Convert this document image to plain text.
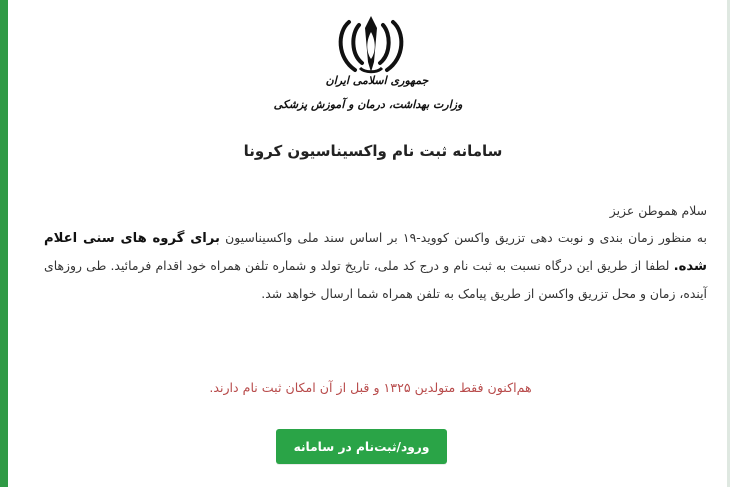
جمهوری اسلامی ایران
وزارت بهداشت، درمان و آموزش پزشکی
سامانه ثبت نام واکسیناسیون کرونا
سلام هموطن عزیز

به منظور زمان بندی و نوبت دهی تزریق واکسن کووید-۱۹ بر اساس سند ملی واکسیناسیون برای گروه های سنی اعلام شده. لطفا از طریق این درگاه نسبت به ثبت نام و درج کد ملی، تاریخ تولد و شماره تلفن همراه خود اقدام فرمائید. طی روزهای آینده، زمان و محل تزریق واکسن از طریق پیامک به تلفن همراه شما ارسال خواهد شد.

هم‌اکنون فقط متولدین ۱۳۲۵ و قبل از آن امکان ثبت نام دارند.
ورود/ثبت‌نام در سامانه
